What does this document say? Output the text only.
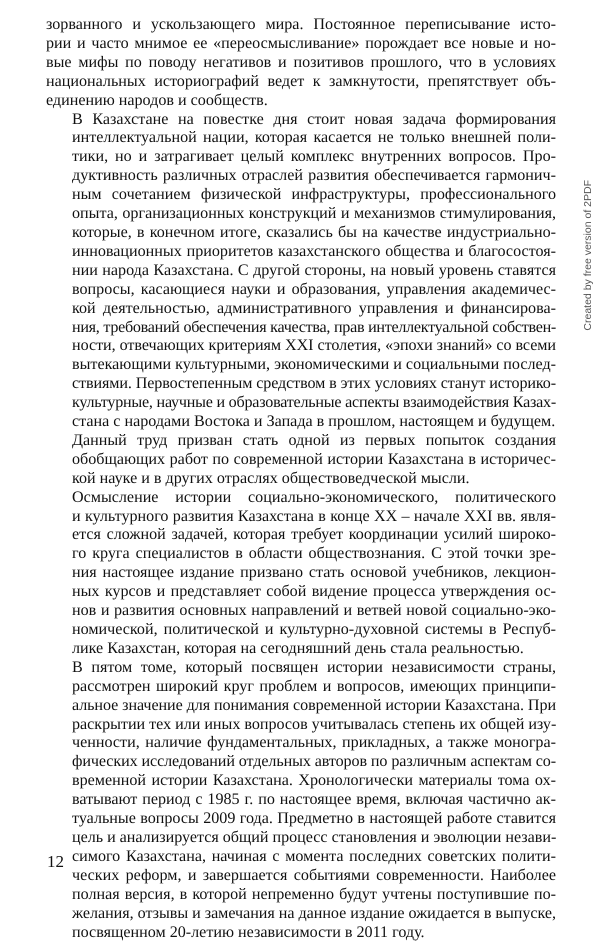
зорванного и ускользающего мира. Постоянное переписывание исто-
рии и часто мнимое ее «переосмысливание» порождает все новые и но-
вые мифы по поводу негативов и позитивов прошлого, что в условиях
национальных историографий ведет к замкнутости, препятствует объ-
единению народов и сообществ.

В Казахстане на повестке дня стоит новая задача формирования
интеллектуальной нации, которая касается не только внешней поли-
тики, но и затрагивает целый комплекс внутренних вопросов. Про-
дуктивность различных отраслей развития обеспечивается гармонич-
ным сочетанием физической инфраструктуры, профессионального
опыта, организационных конструкций и механизмов стимулирования,
которые, в конечном итоге, сказались бы на качестве индустриально-
инновационных приоритетов казахстанского общества и благосостоя-
нии народа Казахстана. С другой стороны, на новый уровень ставятся
вопросы, касающиеся науки и образования, управления академичес-
кой деятельностью, административного управления и финансирова-
ния, требований обеспечения качества, прав интеллектуальной собствен-
ности, отвечающих критериям XXI столетия, «эпохи знаний» со всеми
вытекающими культурными, экономическими и социальными послед-
ствиями. Первостепенным средством в этих условиях станут историко-
культурные, научные и образовательные аспекты взаимодействия Казах-
стана с народами Востока и Запада в прошлом, настоящем и будущем.

Данный труд призван стать одной из первых попыток создания
обобщающих работ по современной истории Казахстана в историчес-
кой науке и в других отраслях обществоведческой мысли.

Осмысление истории социально-экономического, политического
и культурного развития Казахстана в конце XX – начале XXI вв. явля-
ется сложной задачей, которая требует координации усилий широко-
го круга специалистов в области обществознания. С этой точки зре-
ния настоящее издание призвано стать основой учебников, лекцион-
ных курсов и представляет собой видение процесса утверждения ос-
нов и развития основных направлений и ветвей новой социально-эко-
номической, политической и культурно-духовной системы в Респуб-
лике Казахстан, которая на сегодняшний день стала реальностью.

В пятом томе, который посвящен истории независимости страны,
рассмотрен широкий круг проблем и вопросов, имеющих принципи-
альное значение для понимания современной истории Казахстана. При
раскрытии тех или иных вопросов учитывалась степень их общей изу-
ченности, наличие фундаментальных, прикладных, а также моногра-
фических исследований отдельных авторов по различным аспектам со-
временной истории Казахстана. Хронологически материалы тома ох-
ватывают период с 1985 г. по настоящее время, включая частично ак-
туальные вопросы 2009 года. Предметно в настоящей работе ставится
цель и анализируется общий процесс становления и эволюции незави-
симого Казахстана, начиная с момента последних советских полити-
ческих реформ, и завершается событиями современности. Наиболее
полная версия, в которой непременно будут учтены поступившие по-
желания, отзывы и замечания на данное издание ожидается в выпуске,
посвященном 20-летию независимости в 2011 году.

12
Created by free version of 2PDF
